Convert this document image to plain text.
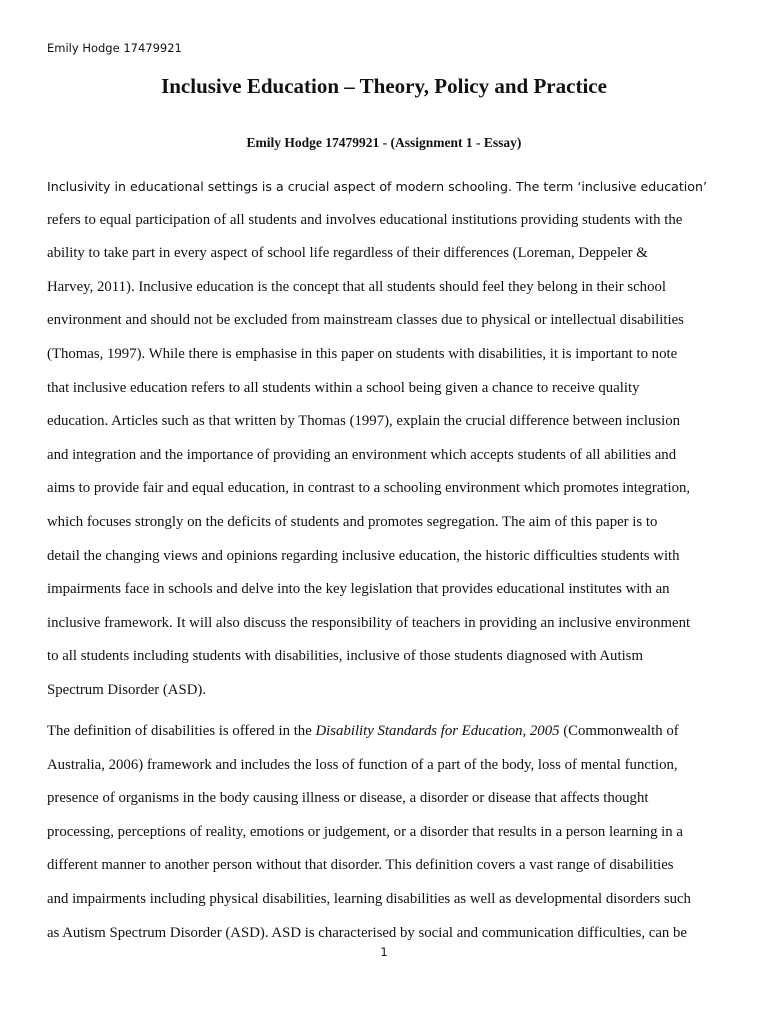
Emily Hodge 17479921
Inclusive Education – Theory, Policy and Practice
Emily Hodge 17479921 - (Assignment 1 - Essay)

Inclusivity in educational settings is a crucial aspect of modern schooling. The term ‘inclusive education’
refers to equal participation of all students and involves educational institutions providing students with the
ability to take part in every aspect of school life regardless of their differences (Loreman, Deppeler &
Harvey, 2011). Inclusive education is the concept that all students should feel they belong in their school
environment and should not be excluded from mainstream classes due to physical or intellectual disabilities
(Thomas, 1997). While there is emphasise in this paper on students with disabilities, it is important to note
that inclusive education refers to all students within a school being given a chance to receive quality
education. Articles such as that written by Thomas (1997), explain the crucial difference between inclusion
and integration and the importance of providing an environment which accepts students of all abilities and
aims to provide fair and equal education, in contrast to a schooling environment which promotes integration,
which focuses strongly on the deficits of students and promotes segregation. The aim of this paper is to
detail the changing views and opinions regarding inclusive education, the historic difficulties students with
impairments face in schools and delve into the key legislation that provides educational institutes with an
inclusive framework. It will also discuss the responsibility of teachers in providing an inclusive environment
to all students including students with disabilities, inclusive of those students diagnosed with Autism
Spectrum Disorder (ASD).

The definition of disabilities is offered in the Disability Standards for Education, 2005 (Commonwealth of
Australia, 2006) framework and includes the loss of function of a part of the body, loss of mental function,
presence of organisms in the body causing illness or disease, a disorder or disease that affects thought
processing, perceptions of reality, emotions or judgement, or a disorder that results in a person learning in a
different manner to another person without that disorder. This definition covers a vast range of disabilities
and impairments including physical disabilities, learning disabilities as well as developmental disorders such
as Autism Spectrum Disorder (ASD). ASD is characterised by social and communication difficulties, can be

1
